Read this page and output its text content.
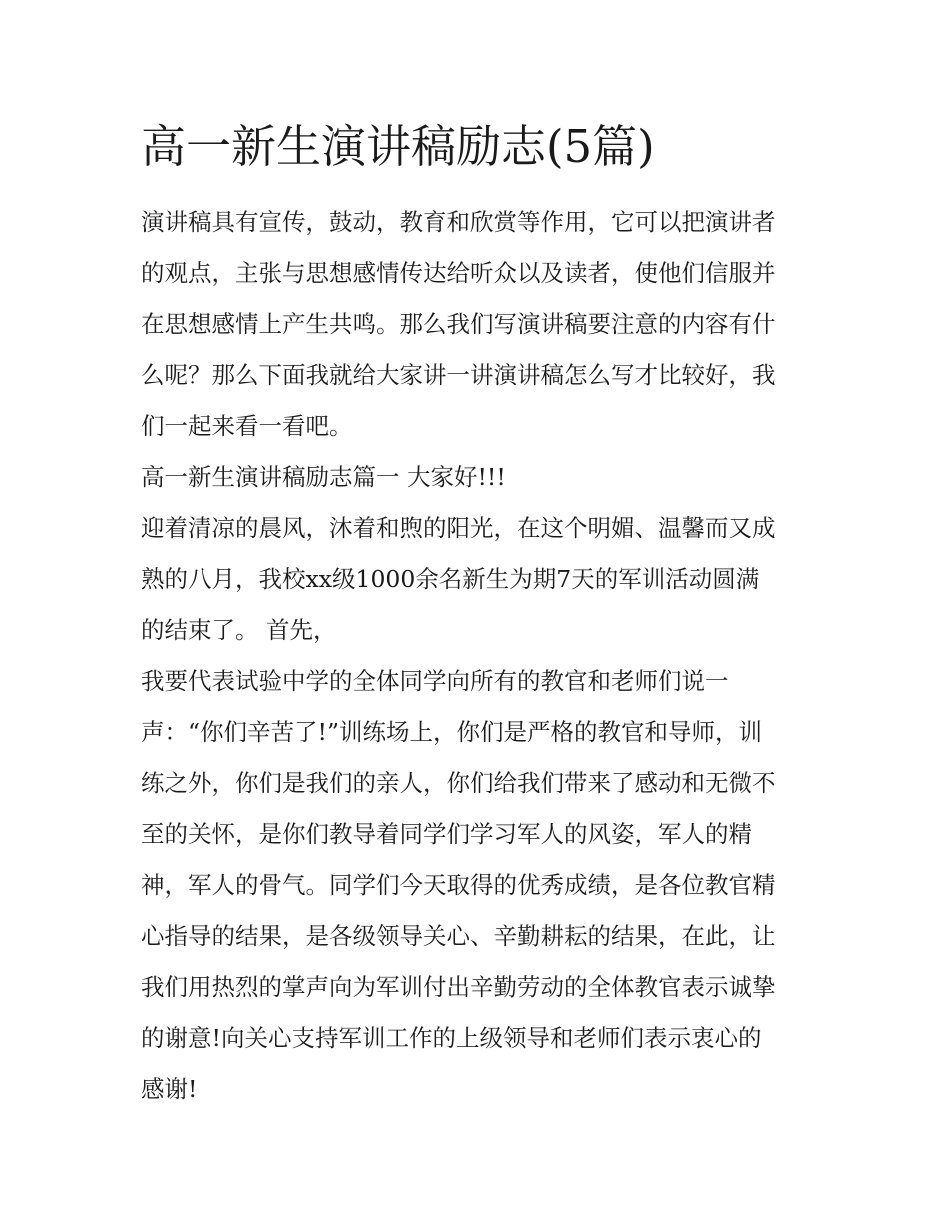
高一新生演讲稿励志(5篇)

演讲稿具有宣传，鼓动，教育和欣赏等作用，它可以把演讲者

的观点，主张与思想感情传达给听众以及读者，使他们信服并

在思想感情上产生共鸣。那么我们写演讲稿要注意的内容有什

么呢？那么下面我就给大家讲一讲演讲稿怎么写才比较好，我

们一起来看一看吧。

高一新生演讲稿励志篇一 大家好!!!

迎着清凉的晨风，沐着和煦的阳光，在这个明媚、温馨而又成

熟的八月，我校xx级1000余名新生为期7天的军训活动圆满

的结束了。 首先，

我要代表试验中学的全体同学向所有的教官和老师们说一

声：“你们辛苦了!”训练场上，你们是严格的教官和导师，训

练之外，你们是我们的亲人，你们给我们带来了感动和无微不

至的关怀，是你们教导着同学们学习军人的风姿，军人的精

神，军人的骨气。同学们今天取得的优秀成绩，是各位教官精

心指导的结果，是各级领导关心、辛勤耕耘的结果，在此，让

我们用热烈的掌声向为军训付出辛勤劳动的全体教官表示诚挚

的谢意!向关心支持军训工作的上级领导和老师们表示衷心的

感谢!
